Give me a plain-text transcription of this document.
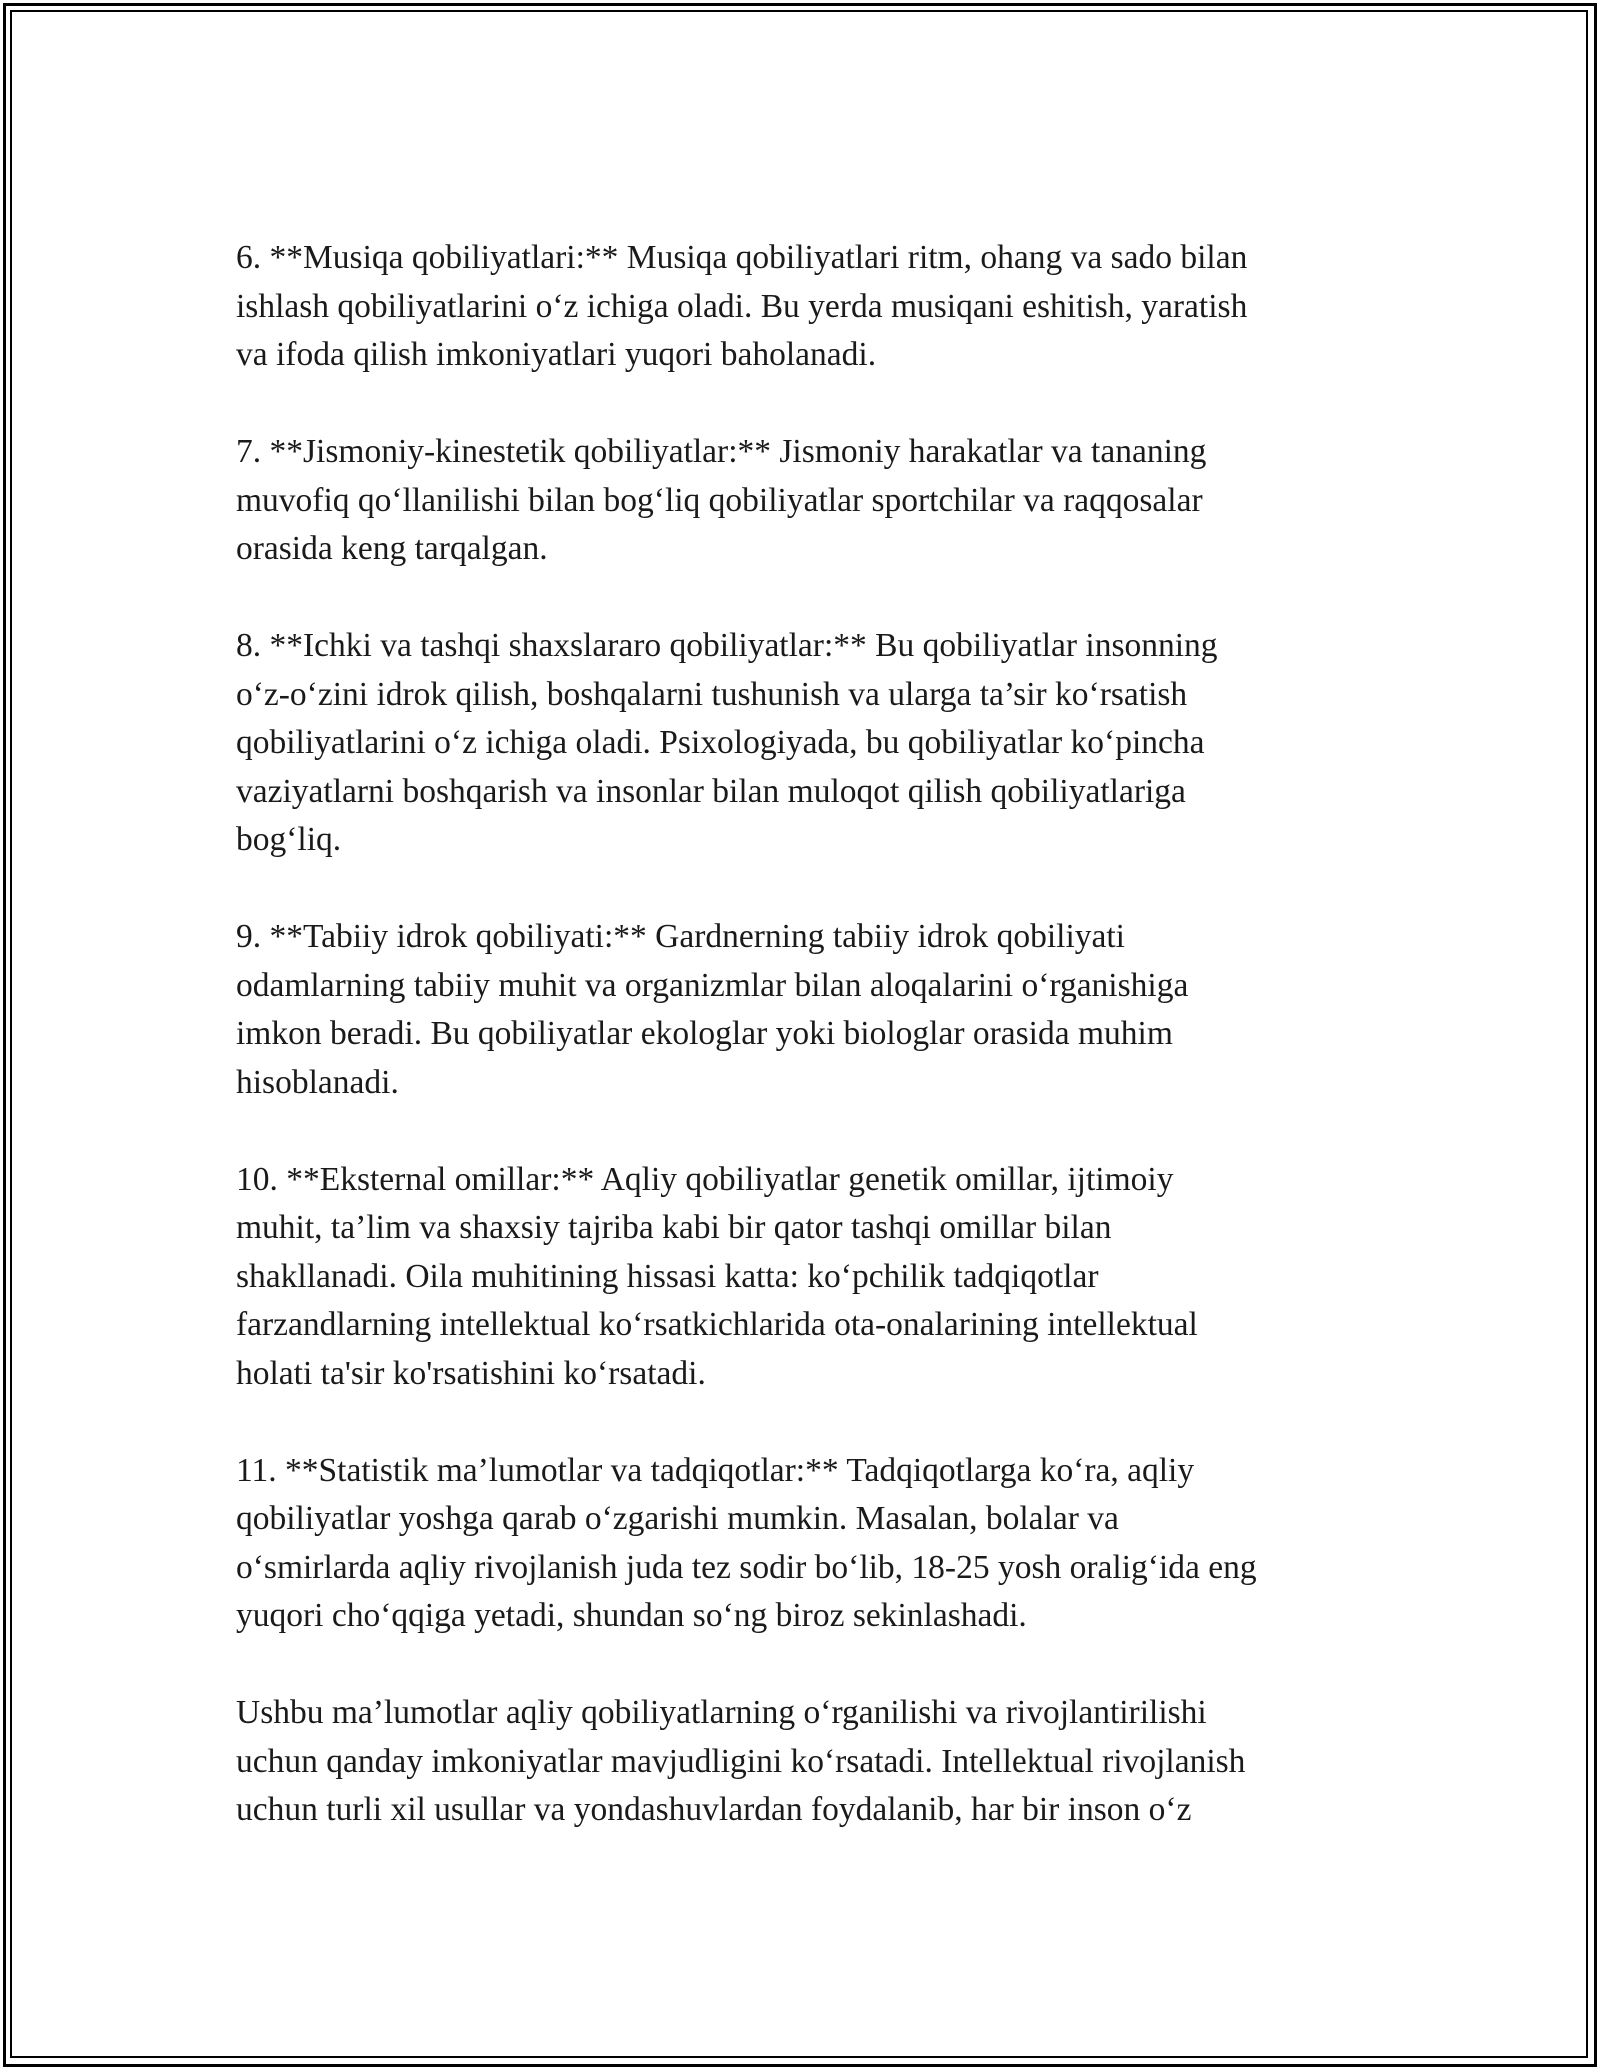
6. **Musiqa qobiliyatlari:** Musiqa qobiliyatlari ritm, ohang va sado bilan
ishlash qobiliyatlarini oʻz ichiga oladi. Bu yerda musiqani eshitish, yaratish
va ifoda qilish imkoniyatlari yuqori baholanadi.

7. **Jismoniy-kinestetik qobiliyatlar:** Jismoniy harakatlar va tananing
muvofiq qoʻllanilishi bilan bogʻliq qobiliyatlar sportchilar va raqqosalar
orasida keng tarqalgan.

8. **Ichki va tashqi shaxslararo qobiliyatlar:** Bu qobiliyatlar insonning
oʻz-oʻzini idrok qilish, boshqalarni tushunish va ularga ta’sir koʻrsatish
qobiliyatlarini oʻz ichiga oladi. Psixologiyada, bu qobiliyatlar koʻpincha
vaziyatlarni boshqarish va insonlar bilan muloqot qilish qobiliyatlariga
bogʻliq.

9. **Tabiiy idrok qobiliyati:** Gardnerning tabiiy idrok qobiliyati
odamlarning tabiiy muhit va organizmlar bilan aloqalarini oʻrganishiga
imkon beradi. Bu qobiliyatlar ekologlar yoki biologlar orasida muhim
hisoblanadi.

10. **Eksternal omillar:** Aqliy qobiliyatlar genetik omillar, ijtimoiy
muhit, ta’lim va shaxsiy tajriba kabi bir qator tashqi omillar bilan
shakllanadi. Oila muhitining hissasi katta: koʻpchilik tadqiqotlar
farzandlarning intellektual koʻrsatkichlarida ota-onalarining intellektual
holati ta'sir ko'rsatishini koʻrsatadi.

11. **Statistik ma’lumotlar va tadqiqotlar:** Tadqiqotlarga koʻra, aqliy
qobiliyatlar yoshga qarab oʻzgarishi mumkin. Masalan, bolalar va
oʻsmirlarda aqliy rivojlanish juda tez sodir boʻlib, 18-25 yosh oraligʻida eng
yuqori choʻqqiga yetadi, shundan soʻng biroz sekinlashadi.

Ushbu ma’lumotlar aqliy qobiliyatlarning oʻrganilishi va rivojlantirilishi
uchun qanday imkoniyatlar mavjudligini koʻrsatadi. Intellektual rivojlanish
uchun turli xil usullar va yondashuvlardan foydalanib, har bir inson oʻz
